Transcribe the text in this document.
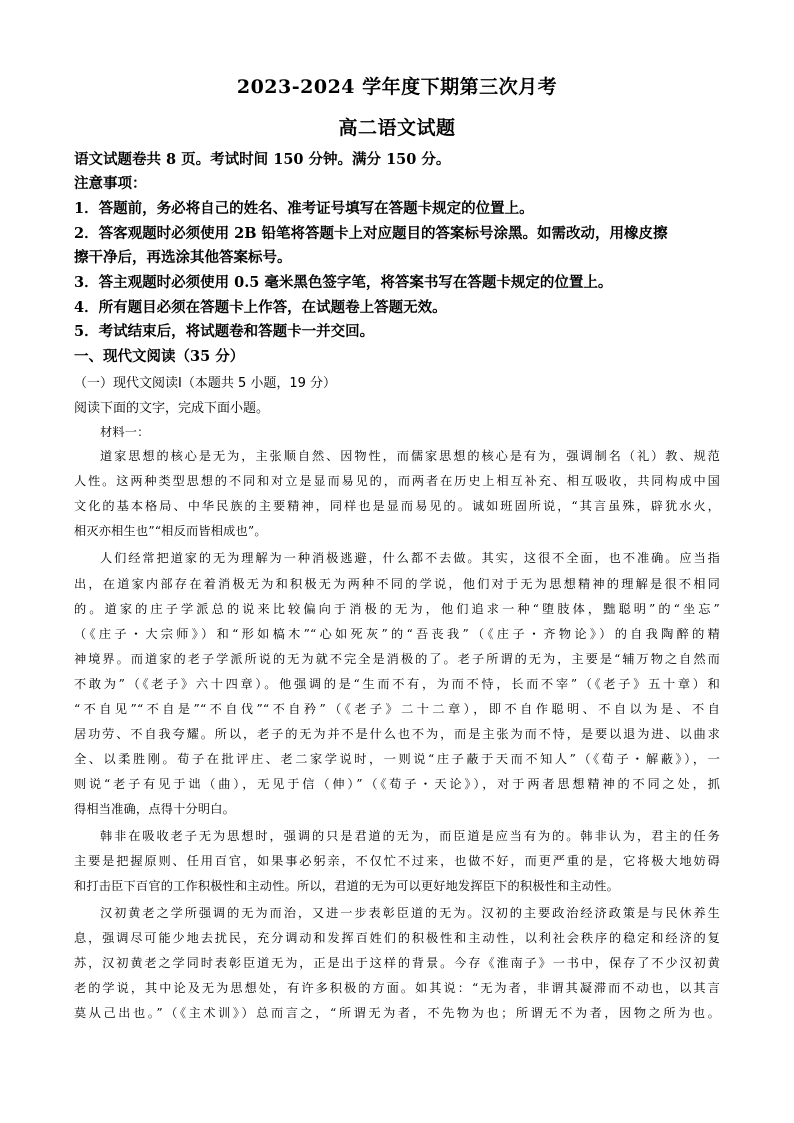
2023-2024 学年度下期第三次月考
高二语文试题
语文试题卷共 8 页。考试时间 150 分钟。满分 150 分。
注意事项：
1．答题前，务必将自己的姓名、准考证号填写在答题卡规定的位置上。
2．答客观题时必须使用 2B 铅笔将答题卡上对应题目的答案标号涂黑。如需改动，用橡皮擦
擦干净后，再选涂其他答案标号。
3．答主观题时必须使用 0.5 毫米黑色签字笔，将答案书写在答题卡规定的位置上。
4．所有题目必须在答题卡上作答，在试题卷上答题无效。
5．考试结束后，将试题卷和答题卡一并交回。
一、现代文阅读（35 分）
（一）现代文阅读Ⅰ（本题共 5 小题，19 分）
阅读下面的文字，完成下面小题。
材料一：
道家思想的核心是无为，主张顺自然、因物性，而儒家思想的核心是有为，强调制名（礼）教、规范
人性。这两种类型思想的不同和对立是显而易见的，而两者在历史上相互补充、相互吸收，共同构成中国
文化的基本格局、中华民族的主要精神，同样也是显而易见的。诚如班固所说，“其言虽殊，辟犹水火，
相灭亦相生也”“相反而皆相成也”。
人们经常把道家的无为理解为一种消极逃避，什么都不去做。其实，这很不全面，也不准确。应当指
出，在道家内部存在着消极无为和积极无为两种不同的学说，他们对于无为思想精神的理解是很不相同
的。道家的庄子学派总的说来比较偏向于消极的无为，他们追求一种“堕肢体，黜聪明”的“坐忘”
（《庄子・大宗师》）和“形如槁木”“心如死灰”的“吾丧我”（《庄子・齐物论》）的自我陶醉的精
神境界。而道家的老子学派所说的无为就不完全是消极的了。老子所谓的无为，主要是“辅万物之自然而
不敢为”（《老子》六十四章）。他强调的是“生而不有，为而不恃，长而不宰”（《老子》五十章）和
“不自见”“不自是”“不自伐”“不自矜”（《老子》二十二章），即不自作聪明、不自以为是、不自
居功劳、不自我夸耀。所以，老子的无为并不是什么也不为，而是主张为而不恃，是要以退为进、以曲求
全、以柔胜刚。荀子在批评庄、老二家学说时，一则说“庄子蔽于天而不知人”（《荀子・解蔽》），一
则说“老子有见于诎（曲），无见于信（伸）”（《荀子・天论》），对于两者思想精神的不同之处，抓
得相当准确，点得十分明白。
韩非在吸收老子无为思想时，强调的只是君道的无为，而臣道是应当有为的。韩非认为，君主的任务
主要是把握原则、任用百官，如果事必躬亲，不仅忙不过来，也做不好，而更严重的是，它将极大地妨碍
和打击臣下百官的工作积极性和主动性。所以，君道的无为可以更好地发挥臣下的积极性和主动性。
汉初黄老之学所强调的无为而治，又进一步表彰臣道的无为。汉初的主要政治经济政策是与民休养生
息，强调尽可能少地去扰民，充分调动和发挥百姓们的积极性和主动性，以利社会秩序的稳定和经济的复
苏，汉初黄老之学同时表彰臣道无为，正是出于这样的背景。今存《淮南子》一书中，保存了不少汉初黄
老的学说，其中论及无为思想处，有许多积极的方面。如其说：“无为者，非谓其凝滞而不动也，以其言
莫从己出也。”（《主术训》）总而言之，“所谓无为者，不先物为也；所谓无不为者，因物之所为也。
